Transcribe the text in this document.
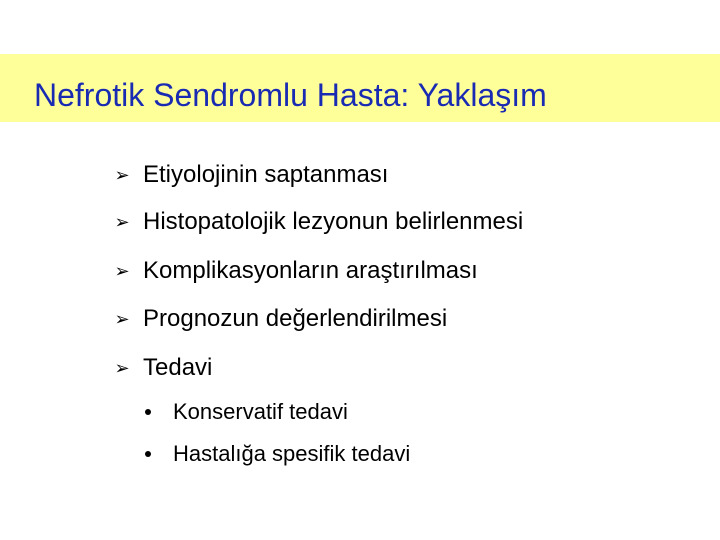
Nefrotik Sendromlu Hasta: Yaklaşım
➢ Etiyolojinin saptanması
➢ Histopatolojik lezyonun belirlenmesi
➢ Komplikasyonların araştırılması
➢ Prognozun değerlendirilmesi
➢ Tedavi
Konservatif tedavi
Hastalığa spesifik tedavi
